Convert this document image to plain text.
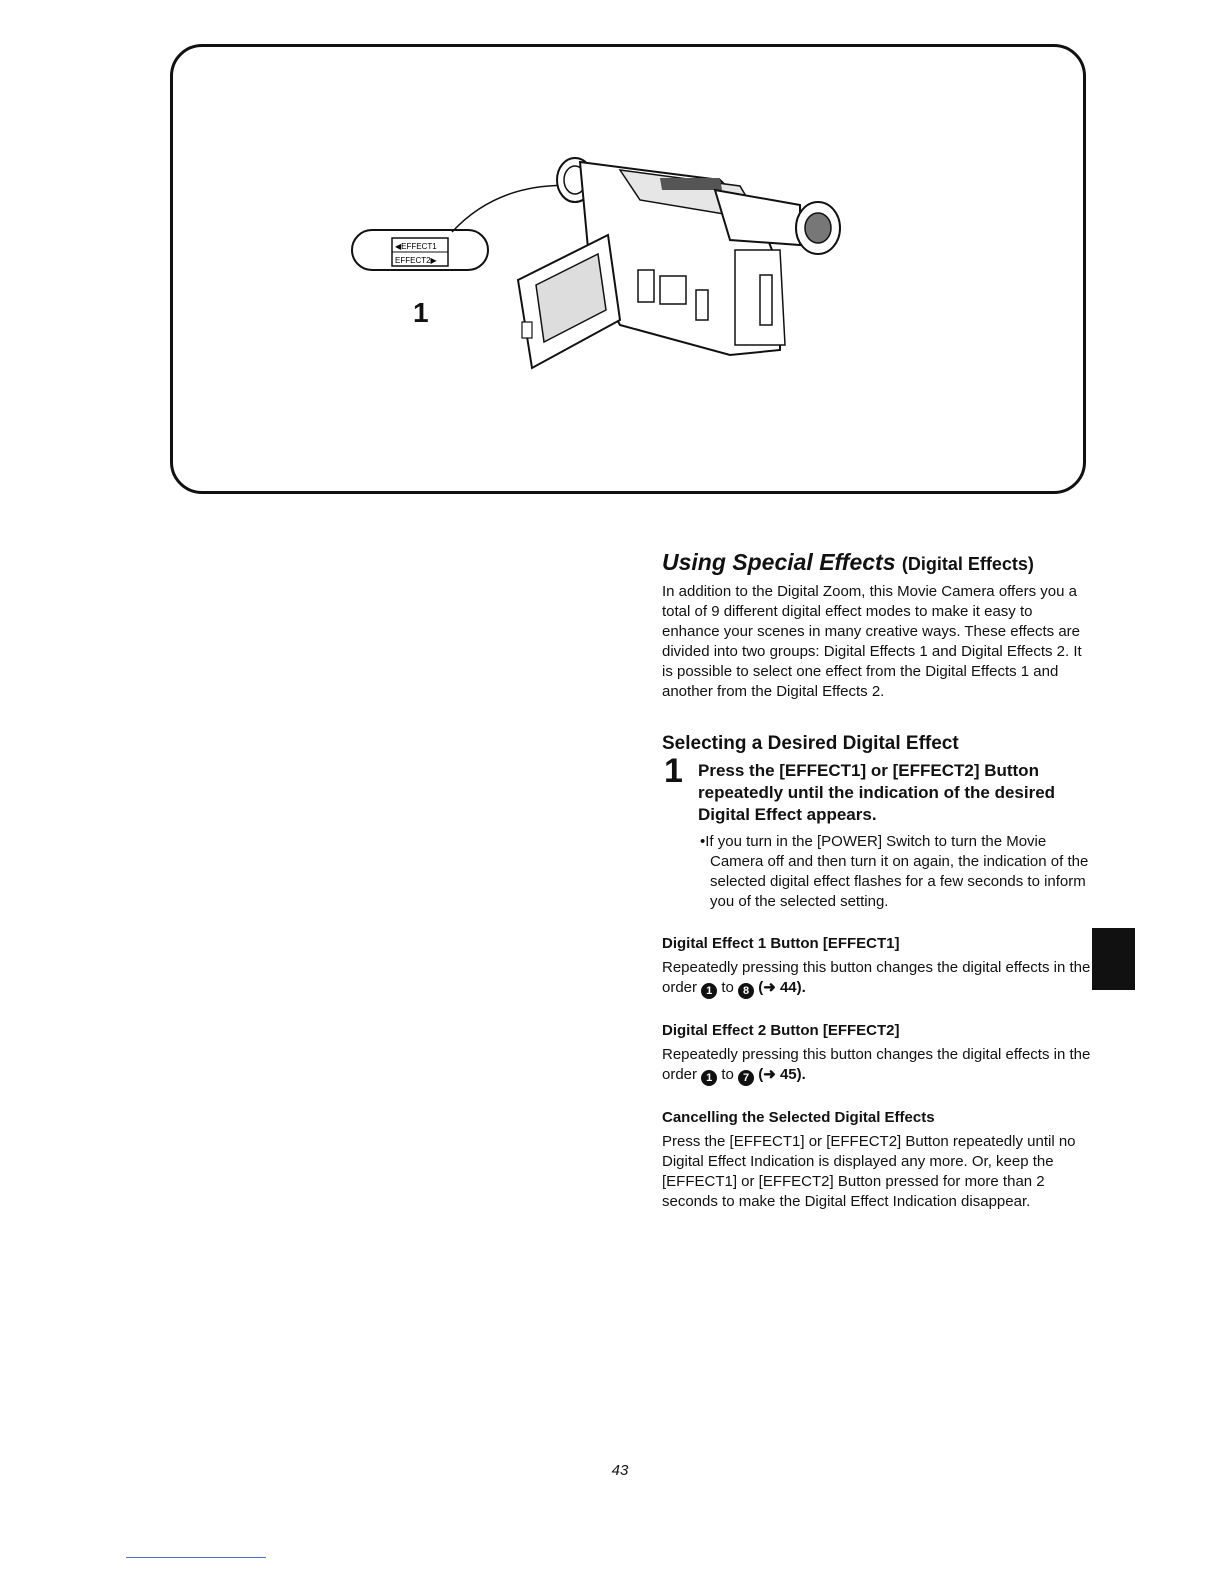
◀EFFECT1
EFFECT2▶
1
Using Special Effects (Digital Effects)

In addition to the Digital Zoom, this Movie Camera offers you a total of 9 different digital effect modes to make it easy to enhance your scenes in many creative ways. These effects are divided into two groups: Digital Effects 1 and Digital Effects 2. It is possible to select one effect from the Digital Effects 1 and another from the Digital Effects 2.

Selecting a Desired Digital Effect
1 Press the [EFFECT1] or [EFFECT2] Button repeatedly until the indication of the desired Digital Effect appears.

•If you turn in the [POWER] Switch to turn the Movie Camera off and then turn it on again, the indication of the selected digital effect flashes for a few seconds to inform you of the selected setting.

Digital Effect 1 Button [EFFECT1]

Repeatedly pressing this button changes the digital effects in the order 1 to 8 (➜ 44).

Digital Effect 2 Button [EFFECT2]

Repeatedly pressing this button changes the digital effects in the order 1 to 7 (➜ 45).

Cancelling the Selected Digital Effects

Press the [EFFECT1] or [EFFECT2] Button repeatedly until no Digital Effect Indication is displayed any more. Or, keep the [EFFECT1] or [EFFECT2] Button pressed for more than 2 seconds to make the Digital Effect Indication disappear.

43
